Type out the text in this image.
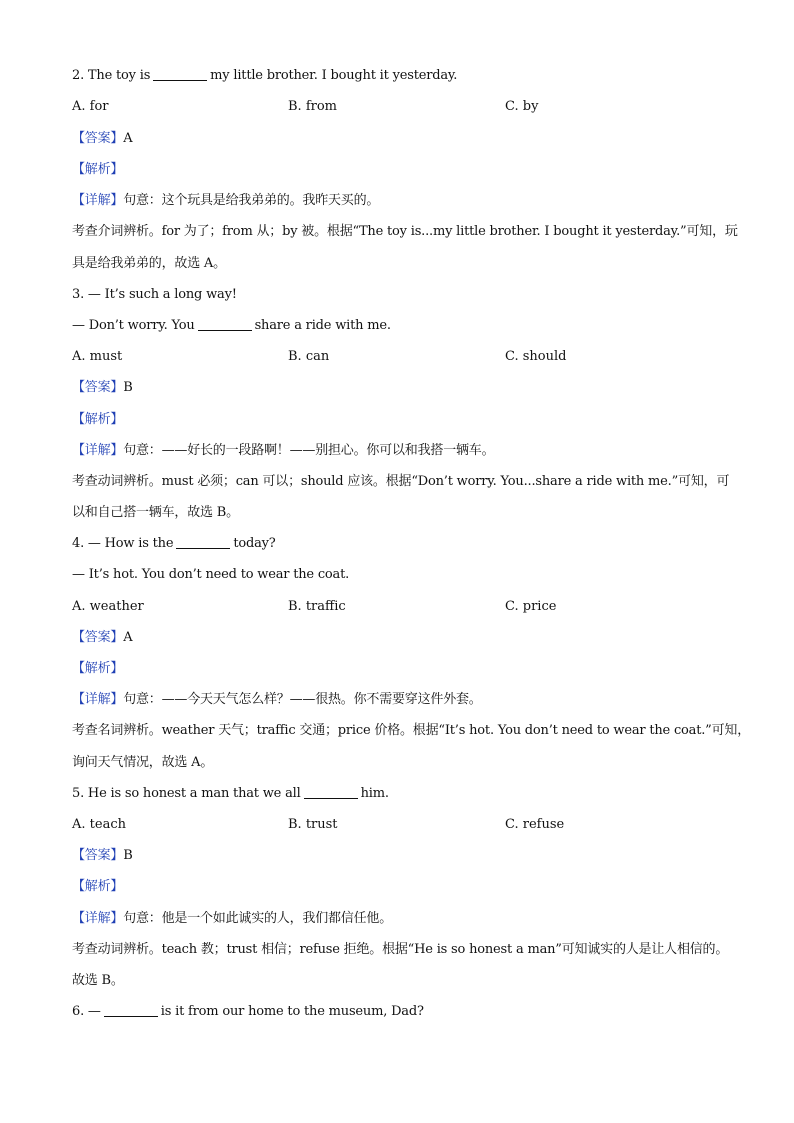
2. The toy is	my little brother. I bought it yesterday.
A. for	B. from	C. by
【答案】A
【解析】
【详解】句意：这个玩具是给我弟弟的。我昨天买的。
考查介词辨析。for 为了；from 从；by 被。根据“The toy is...my little brother. I bought it yesterday.”可知，玩
具是给我弟弟的，故选 A。
3. — It’s such a long way!
— Don’t worry. You	share a ride with me.
A. must	B. can	C. should
【答案】B
【解析】
【详解】句意：——好长的一段路啊！——别担心。你可以和我搭一辆车。
考查动词辨析。must 必须；can 可以；should 应该。根据“Don’t worry. You...share a ride with me.”可知，可
以和自己搭一辆车，故选 B。
4. — How is the	today?
— It’s hot. You don’t need to wear the coat.
A. weather	B. traffic	C. price
【答案】A
【解析】
【详解】句意：——今天天气怎么样？——很热。你不需要穿这件外套。
考查名词辨析。weather 天气；traffic 交通；price 价格。根据“It’s hot. You don’t need to wear the coat.”可知，
询问天气情况，故选 A。
5. He is so honest a man that we all	him.
A. teach	B. trust	C. refuse
【答案】B
【解析】
【详解】句意：他是一个如此诚实的人，我们都信任他。
考查动词辨析。teach 教；trust 相信；refuse 拒绝。根据“He is so honest a man”可知诚实的人是让人相信的。
故选 B。
6. —	is it from our home to the museum, Dad?
